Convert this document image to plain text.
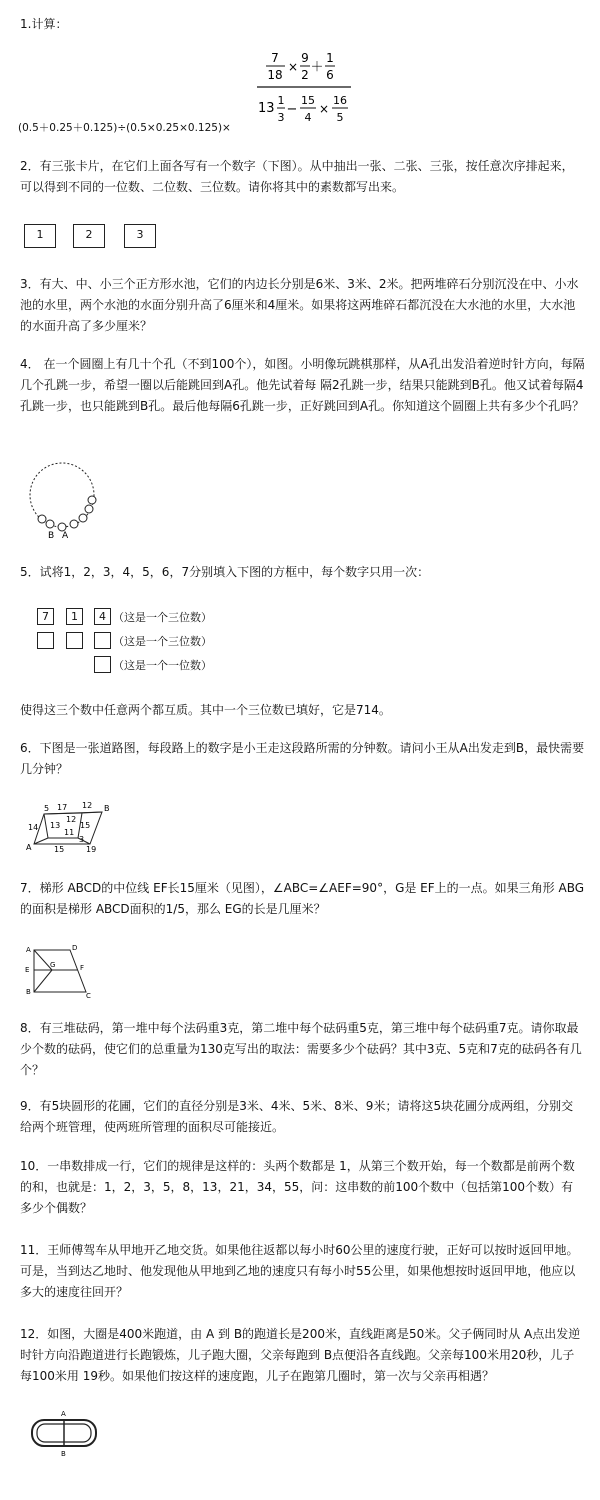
1.计算：

(0.5＋0.25＋0.125)÷(0.5×0.25×0.125)×
7
18
×
9
2 ＋
1
6
13
1
3
−
15
4
×
16
5

2．有三张卡片，在它们上面各写有一个数字（下图）。从中抽出一张、二张、三张，按任意次序排起来，可以得到不同的一位数、二位数、三位数。请你将其中的素数都写出来。

1	2	3

3．有大、中、小三个正方形水池，它们的内边长分别是6米、3米、2米。把两堆碎石分别沉没在中、小水池的水里，两个水池的水面分别升高了6厘米和4厘米。如果将这两堆碎石都沉没在大水池的水里，大水池的水面升高了多少厘米？

4． 在一个圆圈上有几十个孔（不到100个），如图。小明像玩跳棋那样，从A孔出发沿着逆时针方向，每隔几个孔跳一步，希望一圈以后能跳回到A孔。他先试着每 隔2孔跳一步，结果只能跳到B孔。他又试着每隔4孔跳一步，也只能跳到B孔。最后他每隔6孔跳一步，正好跳回到A孔。你知道这个圆圈上共有多少个孔吗？

B A

5．试将1，2，3，4，5，6，7分别填入下图的方框中，每个数字只用一次：

7	1	4 （这是一个三位数）
（这是一个三位数）
（这是一个一位数）

使得这三个数中任意两个都互质。其中一个三位数已填好，它是714。

6．下图是一张道路图，每段路上的数字是小王走这段路所需的分钟数。请问小王从A出发走到B，最快需要几分钟？

5 17 12 B
14 13
12
11
15
3
A	15	19

7．梯形 ABCD的中位线 EF长15厘米（见图），∠ABC=∠AEF=90°，G是 EF上的一点。如果三角形 ABG的面积是梯形 ABCD面积的1/5，那么 EG的长是几厘米？

A	D
E
G	F
B	C

8．有三堆砝码，第一堆中每个法码重3克，第二堆中每个砝码重5克，第三堆中每个砝码重7克。请你取最少个数的砝码，使它们的总重量为130克写出的取法：需要多少个砝码？其中3克、5克和7克的砝码各有几个？

9．有5块圆形的花圃，它们的直径分别是3米、4米、5米、8米、9米；请将这5块花圃分成两组，分别交给两个班管理，使两班所管理的面积尽可能接近。

10．一串数排成一行，它们的规律是这样的：头两个数都是 1，从第三个数开始，每一个数都是前两个数的和，也就是：1，2，3，5，8，13，21，34，55，问：这串数的前100个数中（包括第100个数）有多少个偶数？

11．王师傅驾车从甲地开乙地交货。如果他往返都以每小时60公里的速度行驶，正好可以按时返回甲地。可是，当到达乙地时、他发现他从甲地到乙地的速度只有每小时55公里，如果他想按时返回甲地，他应以多大的速度往回开？

12．如图，大圈是400米跑道，由 A 到 B的跑道长是200米，直线距离是50米。父子俩同时从 A点出发逆时针方向沿跑道进行长跑锻炼，儿子跑大圈，父亲每跑到 B点便沿各直线跑。父亲每100米用20秒，儿子每100米用 19秒。如果他们按这样的速度跑，儿子在跑第几圈时，第一次与父亲再相遇？

A
B
